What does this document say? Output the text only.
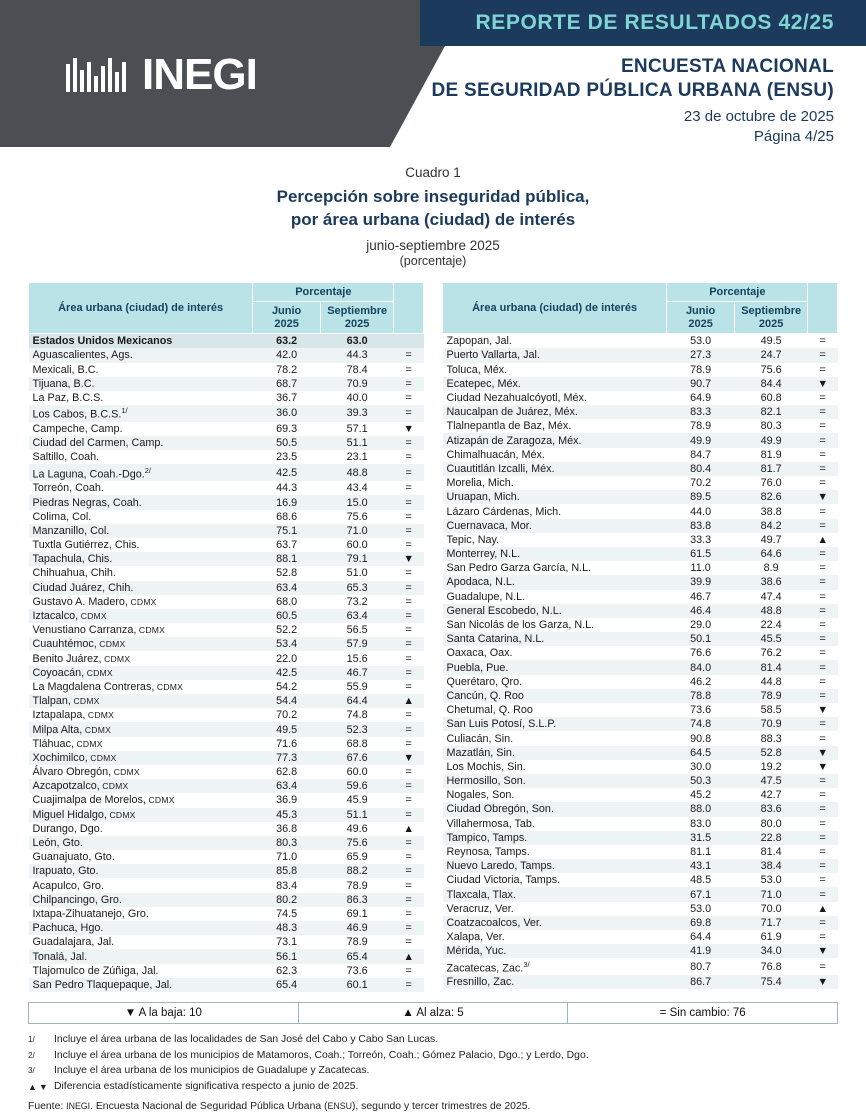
REPORTE DE RESULTADOS 42/25
INEGI	ENCUESTA NACIONAL
DE SEGURIDAD PÚBLICA URBANA (ENSU)
23 de octubre de 2025
Página 4/25
Cuadro 1
Percepción sobre inseguridad pública,
por área urbana (ciudad) de interés
junio-septiembre 2025
(porcentaje)
Área urbana (ciudad) de interés	Porcentaje		
	Junio
2025	Septiembre
2025	
Estados Unidos Mexicanos	63.2	63.0	
Aguascalientes, Ags.	42.0	44.3	=
Mexicali, B.C.	78.2	78.4	=
Tijuana, B.C.	68.7	70.9	=
La Paz, B.C.S.	36.7	40.0	=
Los Cabos, B.C.S.$^{1/}$	36.0	39.3	=
Campeche, Camp.	69.3	57.1	▼
Ciudad del Carmen, Camp.	50.5	51.1	=
Saltillo, Coah.	23.5	23.1	=
La Laguna, Coah.-Dgo.$^{2/}$	42.5	48.8	=
Torreón, Coah.	44.3	43.4	=
Piedras Negras, Coah.	16.9	15.0	=
Colima, Col.	68.6	75.6	=
Manzanillo, Col.	75.1	71.0	=
Tuxtla Gutiérrez, Chis.	63.7	60.0	=
Tapachula, Chis.	88.1	79.1	▼
Chihuahua, Chih.	52.8	51.0	=
Ciudad Juárez, Chih.	63.4	65.3	=
Gustavo A. Madero, CDMX	68.0	73.2	=
Iztacalco, CDMX	60.5	63.4	=
Venustiano Carranza, CDMX	52.2	56.5	=
Cuauhtémoc, CDMX	53.4	57.9	=
Benito Juárez, CDMX	22.0	15.6	=
Coyoacán, CDMX	42.5	46.7	=
La Magdalena Contreras, CDMX	54.2	55.9	=
Tlalpan, CDMX	54.4	64.4	▲
Iztapalapa, CDMX	70.2	74.8	=
Milpa Alta, CDMX	49.5	52.3	=
Tláhuac, CDMX	71.6	68.8	=
Xochimilco, CDMX	77.3	67.6	▼
Álvaro Obregón, CDMX	62.8	60.0	=
Azcapotzalco, CDMX	63.4	59.6	=
Cuajimalpa de Morelos, CDMX	36.9	45.9	=
Miguel Hidalgo, CDMX	45.3	51.1	=
Durango, Dgo.	36.8	49.6	▲
León, Gto.	80.3	75.6	=
Guanajuato, Gto.	71.0	65.9	=
Irapuato, Gto.	85.8	88.2	=
Acapulco, Gro.	83.4	78.9	=
Chilpancingo, Gro.	80.2	86.3	=
Ixtapa-Zihuatanejo, Gro.	74.5	69.1	=
Pachuca, Hgo.	48.3	46.9	=
Guadalajara, Jal.	73.1	78.9	=
Tonalá, Jal.	56.1	65.4	▲
Tlajomulco de Zúñiga, Jal.	62.3	73.6	=
San Pedro Tlaquepaque, Jal.	65.4	60.1	=
Área urbana (ciudad) de interés	Porcentaje		
	Junio
2025	Septiembre
2025	
Zapopan, Jal.	53.0	49.5	=
Puerto Vallarta, Jal.	27.3	24.7	=
Toluca, Méx.	78.9	75.6	=
Ecatepec, Méx.	90.7	84.4	▼
Ciudad Nezahualcóyotl, Méx.	64.9	60.8	=
Naucalpan de Juárez, Méx.	83.3	82.1	=
Tlalnepantla de Baz, Méx.	78.9	80.3	=
Atizapán de Zaragoza, Méx.	49.9	49.9	=
Chimalhuacán, Méx.	84.7	81.9	=
Cuautitlán Izcalli, Méx.	80.4	81.7	=
Morelia, Mich.	70.2	76.0	=
Uruapan, Mich.	89.5	82.6	▼
Lázaro Cárdenas, Mich.	44.0	38.8	=
Cuernavaca, Mor.	83.8	84.2	=
Tepic, Nay.	33.3	49.7	▲
Monterrey, N.L.	61.5	64.6	=
San Pedro Garza García, N.L.	11.0	8.9	=
Apodaca, N.L.	39.9	38.6	=
Guadalupe, N.L.	46.7	47.4	=
General Escobedo, N.L.	46.4	48.8	=
San Nicolás de los Garza, N.L.	29.0	22.4	=
Santa Catarina, N.L.	50.1	45.5	=
Oaxaca, Oax.	76.6	76.2	=
Puebla, Pue.	84.0	81.4	=
Querétaro, Qro.	46.2	44.8	=
Cancún, Q. Roo	78.8	78.9	=
Chetumal, Q. Roo	73.6	58.5	▼
San Luis Potosí, S.L.P.	74.8	70.9	=
Culiacán, Sin.	90.8	88.3	=
Mazatlán, Sin.	64.5	52.8	▼
Los Mochis, Sin.	30.0	19.2	▼
Hermosillo, Son.	50.3	47.5	=
Nogales, Son.	45.2	42.7	=
Ciudad Obregón, Son.	88.0	83.6	=
Villahermosa, Tab.	83.0	80.0	=
Tampico, Tamps.	31.5	22.8	=
Reynosa, Tamps.	81.1	81.4	=
Nuevo Laredo, Tamps.	43.1	38.4	=
Ciudad Victoria, Tamps.	48.5	53.0	=
Tlaxcala, Tlax.	67.1	71.0	=
Veracruz, Ver.	53.0	70.0	▲
Coatzacoalcos, Ver.	69.8	71.7	=
Xalapa, Ver.	64.4	61.9	=
Mérida, Yuc.	41.9	34.0	▼
Zacatecas, Zac.$^{3/}$	80.7	76.8	=
Fresnillo, Zac.	86.7	75.4	▼
▼ A la baja: 10	▲ Al alza: 5	= Sin cambio: 76
1/	Incluye el área urbana de las localidades de San José del Cabo y Cabo San Lucas.
2/	Incluye el área urbana de los municipios de Matamoros, Coah.; Torreón, Coah.; Gómez Palacio, Dgo.; y Lerdo, Dgo.
3/	Incluye el área urbana de los municipios de Guadalupe y Zacatecas.
▲▼ Diferencia estadísticamente significativa respecto a junio de 2025.
Fuente: INEGI. Encuesta Nacional de Seguridad Pública Urbana (ENSU), segundo y tercer trimestres de 2025.
